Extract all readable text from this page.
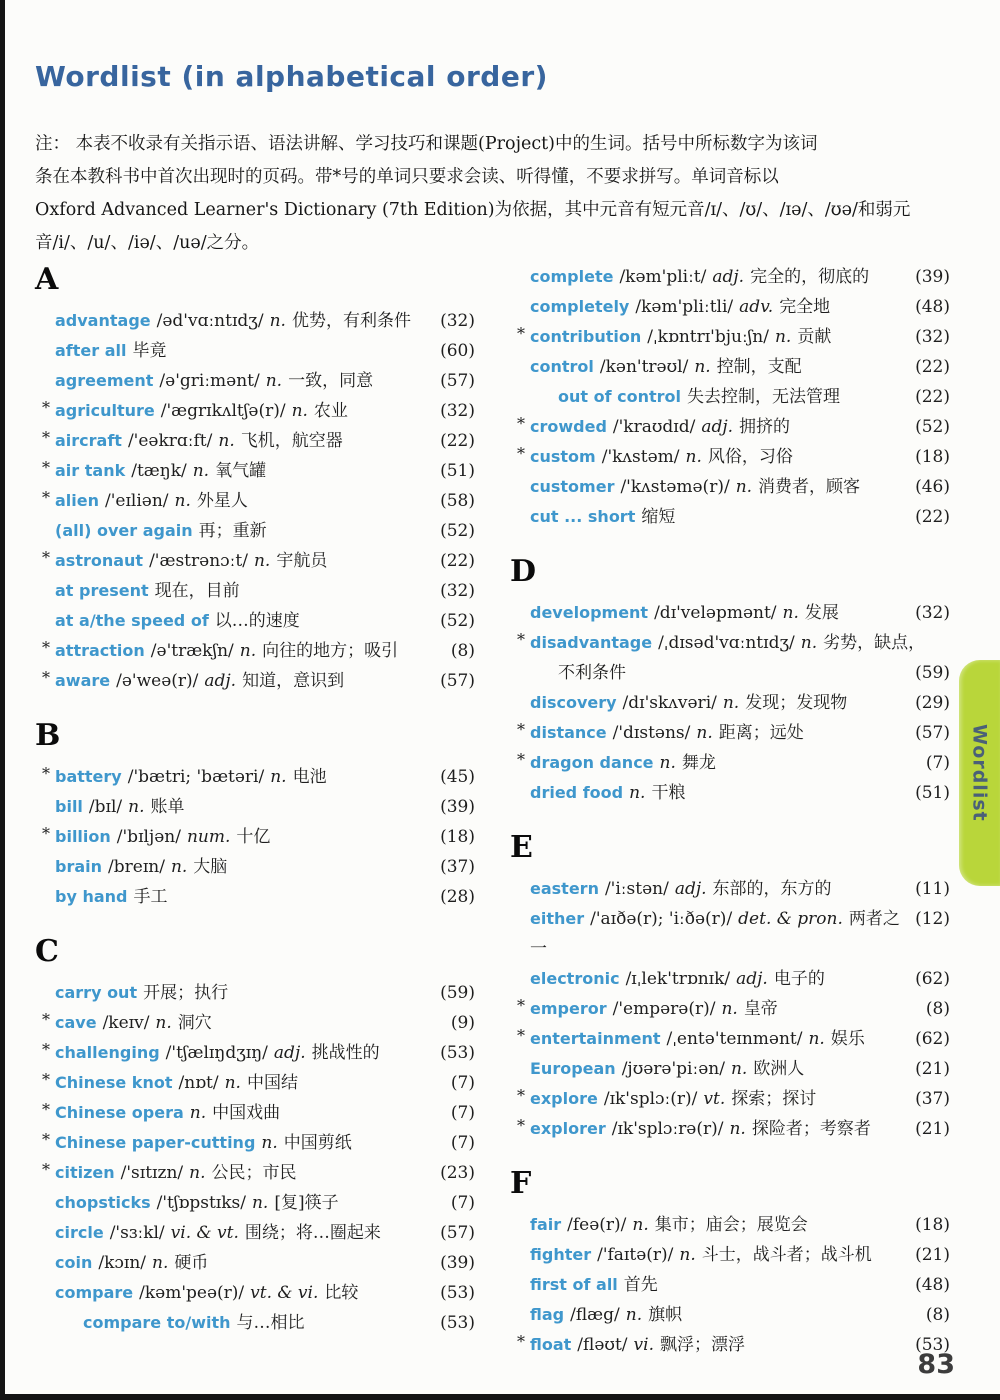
Wordlist (in alphabetical order)
注： 本表不收录有关指示语、语法讲解、学习技巧和课题(Project)中的生词。括号中所标数字为该词
条在本教科书中首次出现时的页码。带*号的单词只要求会读、听得懂，不要求拼写。单词音标以
Oxford Advanced Learner's Dictionary (7th Edition)为依据，其中元音有短元音/ɪ/、/ʊ/、/ɪə/、/ʊə/和弱元
音/i/、/u/、/iə/、/uə/之分。
A
advantage /əd'vɑːntɪdʒ/ n. 优势，有利条件 (32)
after all 毕竟	(60)
agreement /ə'griːmənt/ n. 一致，同意	(57)
* agriculture /'ægrɪkʌltʃə(r)/ n. 农业	(32)
* aircraft /'eəkrɑːft/ n. 飞机，航空器	(22)
* air tank /tæŋk/ n. 氧气罐	(51)
* alien /'eɪliən/ n. 外星人	(58)
(all) over again 再；重新	(52)
* astronaut /'æstrənɔːt/ n. 宇航员	(22)
at present 现在，目前	(32)
at a/the speed of 以…的速度	(52)
* attraction /ə'trækʃn/ n. 向往的地方；吸引	(8)
* aware /ə'weə(r)/ adj. 知道，意识到	(57)
B
* battery /'bætri; 'bætəri/ n. 电池	(45)
bill /bɪl/ n. 账单	(39)
* billion /'bɪljən/ num. 十亿	(18)
brain /breɪn/ n. 大脑	(37)
by hand 手工	(28)
C
carry out 开展；执行	(59)
* cave /keɪv/ n. 洞穴	(9)
* challenging /'tʃælɪŋdʒɪŋ/ adj. 挑战性的	(53)
* Chinese knot /nɒt/ n. 中国结	(7)
* Chinese opera n. 中国戏曲	(7)
* Chinese paper-cutting n. 中国剪纸	(7)
* citizen /'sɪtɪzn/ n. 公民；市民	(23)
chopsticks /'tʃɒpstɪks/ n. [复]筷子	(7)
circle /'sɜːkl/ vi. & vt. 围绕；将…圈起来	(57)
coin /kɔɪn/ n. 硬币	(39)
compare /kəm'peə(r)/ vt. & vi. 比较	(53)
compare to/with 与…相比	(53)
complete /kəm'pliːt/ adj. 完全的，彻底的	(39)
completely /kəm'pliːtli/ adv. 完全地	(48)
* contribution /ˌkɒntrɪ'bjuːʃn/ n. 贡献	(32)
control /kən'trəʊl/ n. 控制，支配	(22)
out of control 失去控制，无法管理	(22)
* crowded /'kraʊdɪd/ adj. 拥挤的	(52)
* custom /'kʌstəm/ n. 风俗，习俗	(18)
customer /'kʌstəmə(r)/ n. 消费者，顾客	(46)
cut ... short 缩短	(22)
D
development /dɪ'veləpmənt/ n. 发展	(32)
* disadvantage /ˌdɪsəd'vɑːntɪdʒ/ n. 劣势，缺点，
不利条件	(59)
discovery /dɪ'skʌvəri/ n. 发现；发现物	(29)
* distance /'dɪstəns/ n. 距离；远处	(57)
* dragon dance n. 舞龙	(7)
dried food n. 干粮	(51)
E
eastern /'iːstən/ adj. 东部的，东方的	(11)
either /'aɪðə(r); 'iːðə(r)/ det. & pron. 两者之一
(12)
electronic /ɪˌlek'trɒnɪk/ adj. 电子的	(62)
* emperor /'empərə(r)/ n. 皇帝	(8)
* entertainment /ˌentə'teɪnmənt/ n. 娱乐	(62)
European /jʊərə'piːən/ n. 欧洲人	(21)
* explore /ɪk'splɔː(r)/ vt. 探索；探讨	(37)
* explorer /ɪk'splɔːrə(r)/ n. 探险者；考察者	(21)
F
fair /feə(r)/ n. 集市；庙会；展览会	(18)
fighter /'faɪtə(r)/ n. 斗士，战斗者；战斗机	(21)
first of all 首先	(48)
flag /flæg/ n. 旗帜	(8)
* float /fləʊt/ vi. 飘浮；漂浮	(53)
Wordlist
83
